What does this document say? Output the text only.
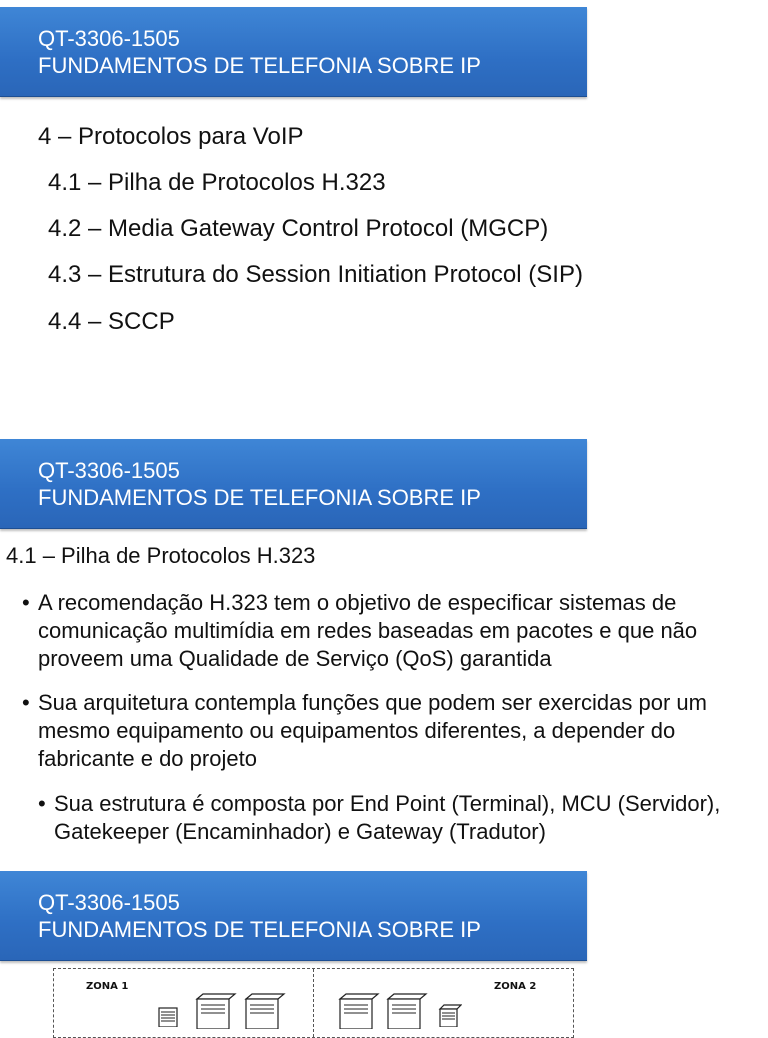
QT-3306-1505
FUNDAMENTOS DE TELEFONIA SOBRE IP
4 – Protocolos para VoIP
4.1 – Pilha de Protocolos H.323
4.2 – Media Gateway Control Protocol (MGCP)
4.3 – Estrutura do Session Initiation Protocol (SIP)
4.4 – SCCP
QT-3306-1505
FUNDAMENTOS DE TELEFONIA SOBRE IP
4.1 – Pilha de Protocolos H.323
• A recomendação H.323 tem o objetivo de especificar sistemas de comunicação multimídia em redes baseadas em pacotes e que não proveem uma Qualidade de Serviço (QoS) garantida
• Sua arquitetura contempla funções que podem ser exercidas por um mesmo equipamento ou equipamentos diferentes, a depender do fabricante e do projeto
• Sua estrutura é composta por End Point (Terminal), MCU (Servidor), Gatekeeper (Encaminhador) e Gateway (Tradutor)
QT-3306-1505
FUNDAMENTOS DE TELEFONIA SOBRE IP
ZONA 1	ZONA 2
